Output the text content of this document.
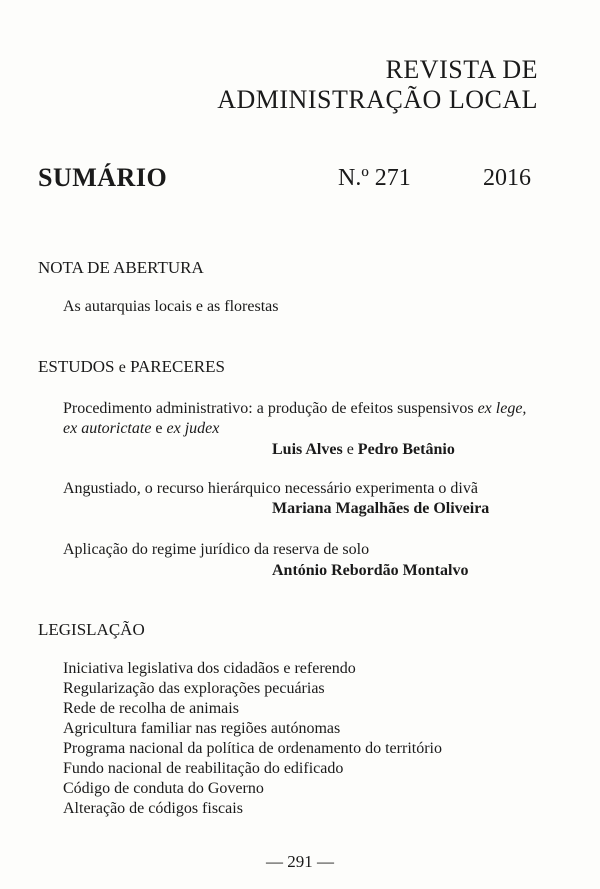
REVISTA DE
ADMINISTRAÇÃO LOCAL
SUMÁRIO	N.º 271	2016
NOTA DE ABERTURA
As autarquias locais e as florestas
ESTUDOS e PARECERES
Procedimento administrativo: a produção de efeitos suspensivos ex lege,
ex autorictate e ex judex
Luis Alves e Pedro Betânio
Angustiado, o recurso hierárquico necessário experimenta o divã
Mariana Magalhães de Oliveira
Aplicação do regime jurídico da reserva de solo
António Rebordão Montalvo
LEGISLAÇÃO
Iniciativa legislativa dos cidadãos e referendo
Regularização das explorações pecuárias
Rede de recolha de animais
Agricultura familiar nas regiões autónomas
Programa nacional da política de ordenamento do território
Fundo nacional de reabilitação do edificado
Código de conduta do Governo
Alteração de códigos fiscais
— 291 —
